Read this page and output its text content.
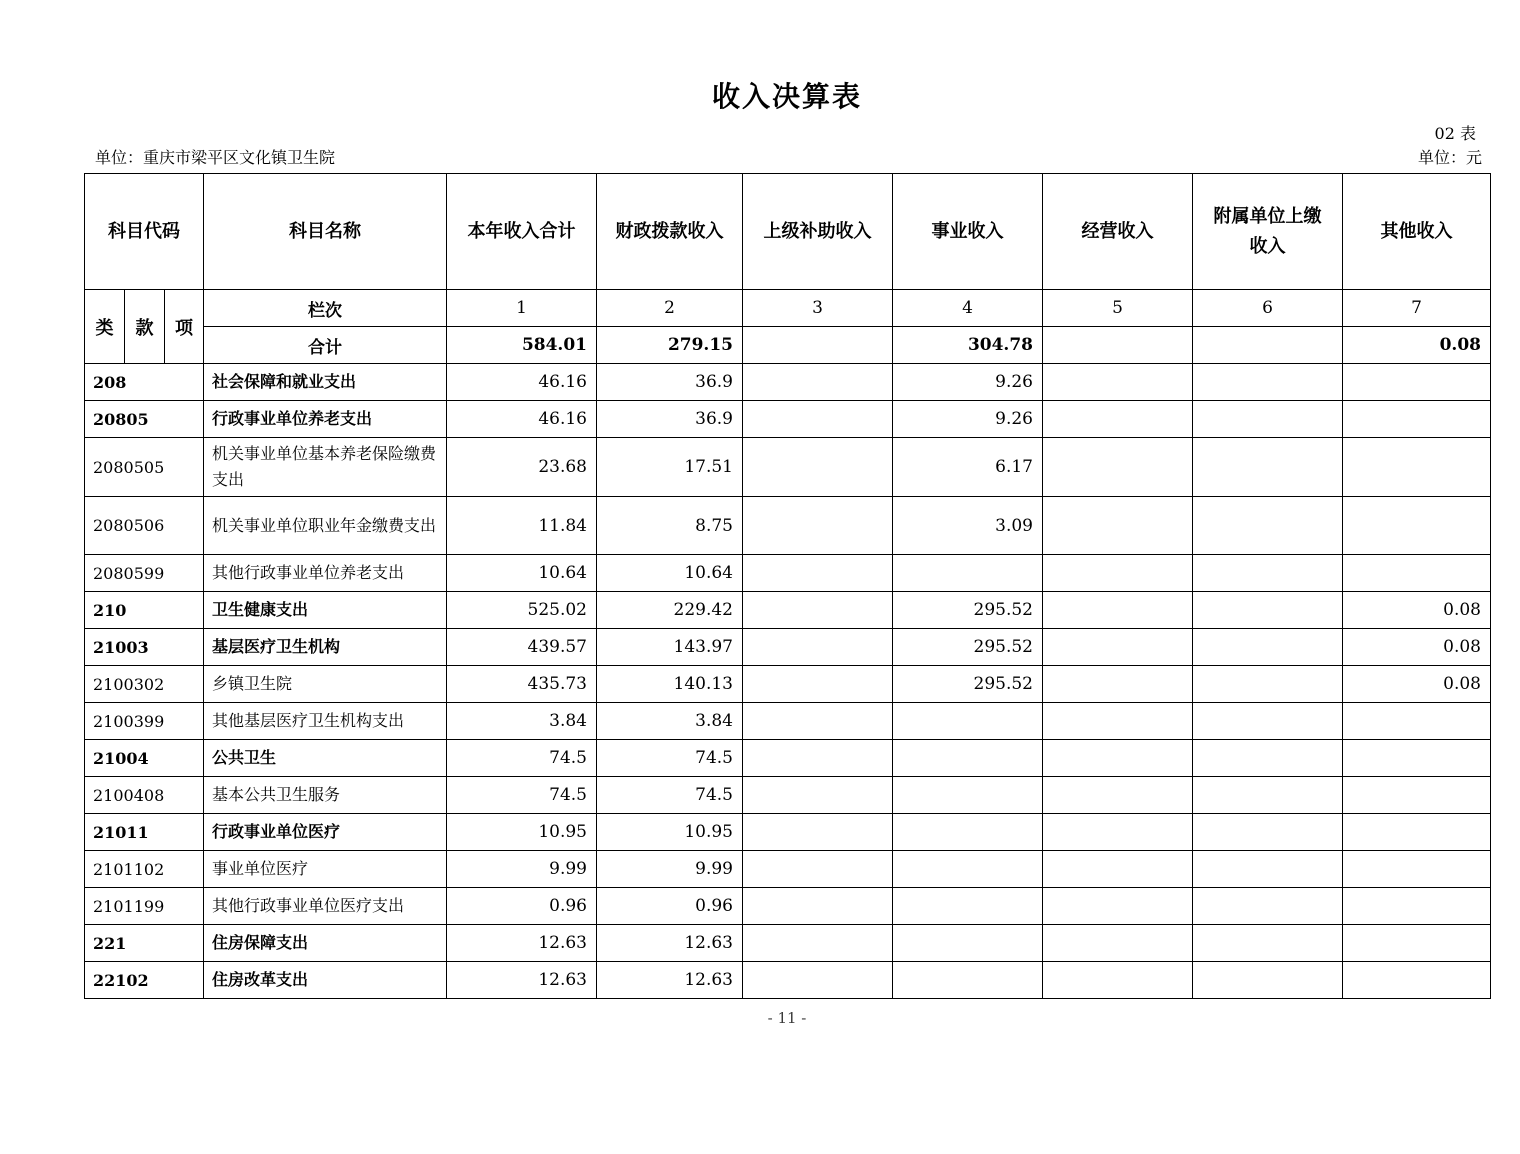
收入决算表
02 表
单位：重庆市梁平区文化镇卫生院	单位：元
科目代码			科目名称	本年收入合计	财政拨款收入	上级补助收入	事业收入	经营收入	附属单位上缴收入	其他收入
类	款	项	栏次	1	2	3	4	5	6	7
			合计	584.01	279.15		304.78			0.08
208			社会保障和就业支出	46.16	36.9		9.26			
20805			行政事业单位养老支出	46.16	36.9		9.26			
2080505			机关事业单位基本养老保险缴费支出	23.68	17.51		6.17			
2080506			机关事业单位职业年金缴费支出	11.84	8.75		3.09			
2080599			其他行政事业单位养老支出	10.64	10.64					
210			卫生健康支出	525.02	229.42		295.52			0.08
21003			基层医疗卫生机构	439.57	143.97		295.52			0.08
2100302			乡镇卫生院	435.73	140.13		295.52			0.08
2100399			其他基层医疗卫生机构支出	3.84	3.84					
21004			公共卫生	74.5	74.5					
2100408			基本公共卫生服务	74.5	74.5					
21011			行政事业单位医疗	10.95	10.95					
2101102			事业单位医疗	9.99	9.99					
2101199			其他行政事业单位医疗支出	0.96	0.96					
221			住房保障支出	12.63	12.63					
22102			住房改革支出	12.63	12.63					
- 11 -
